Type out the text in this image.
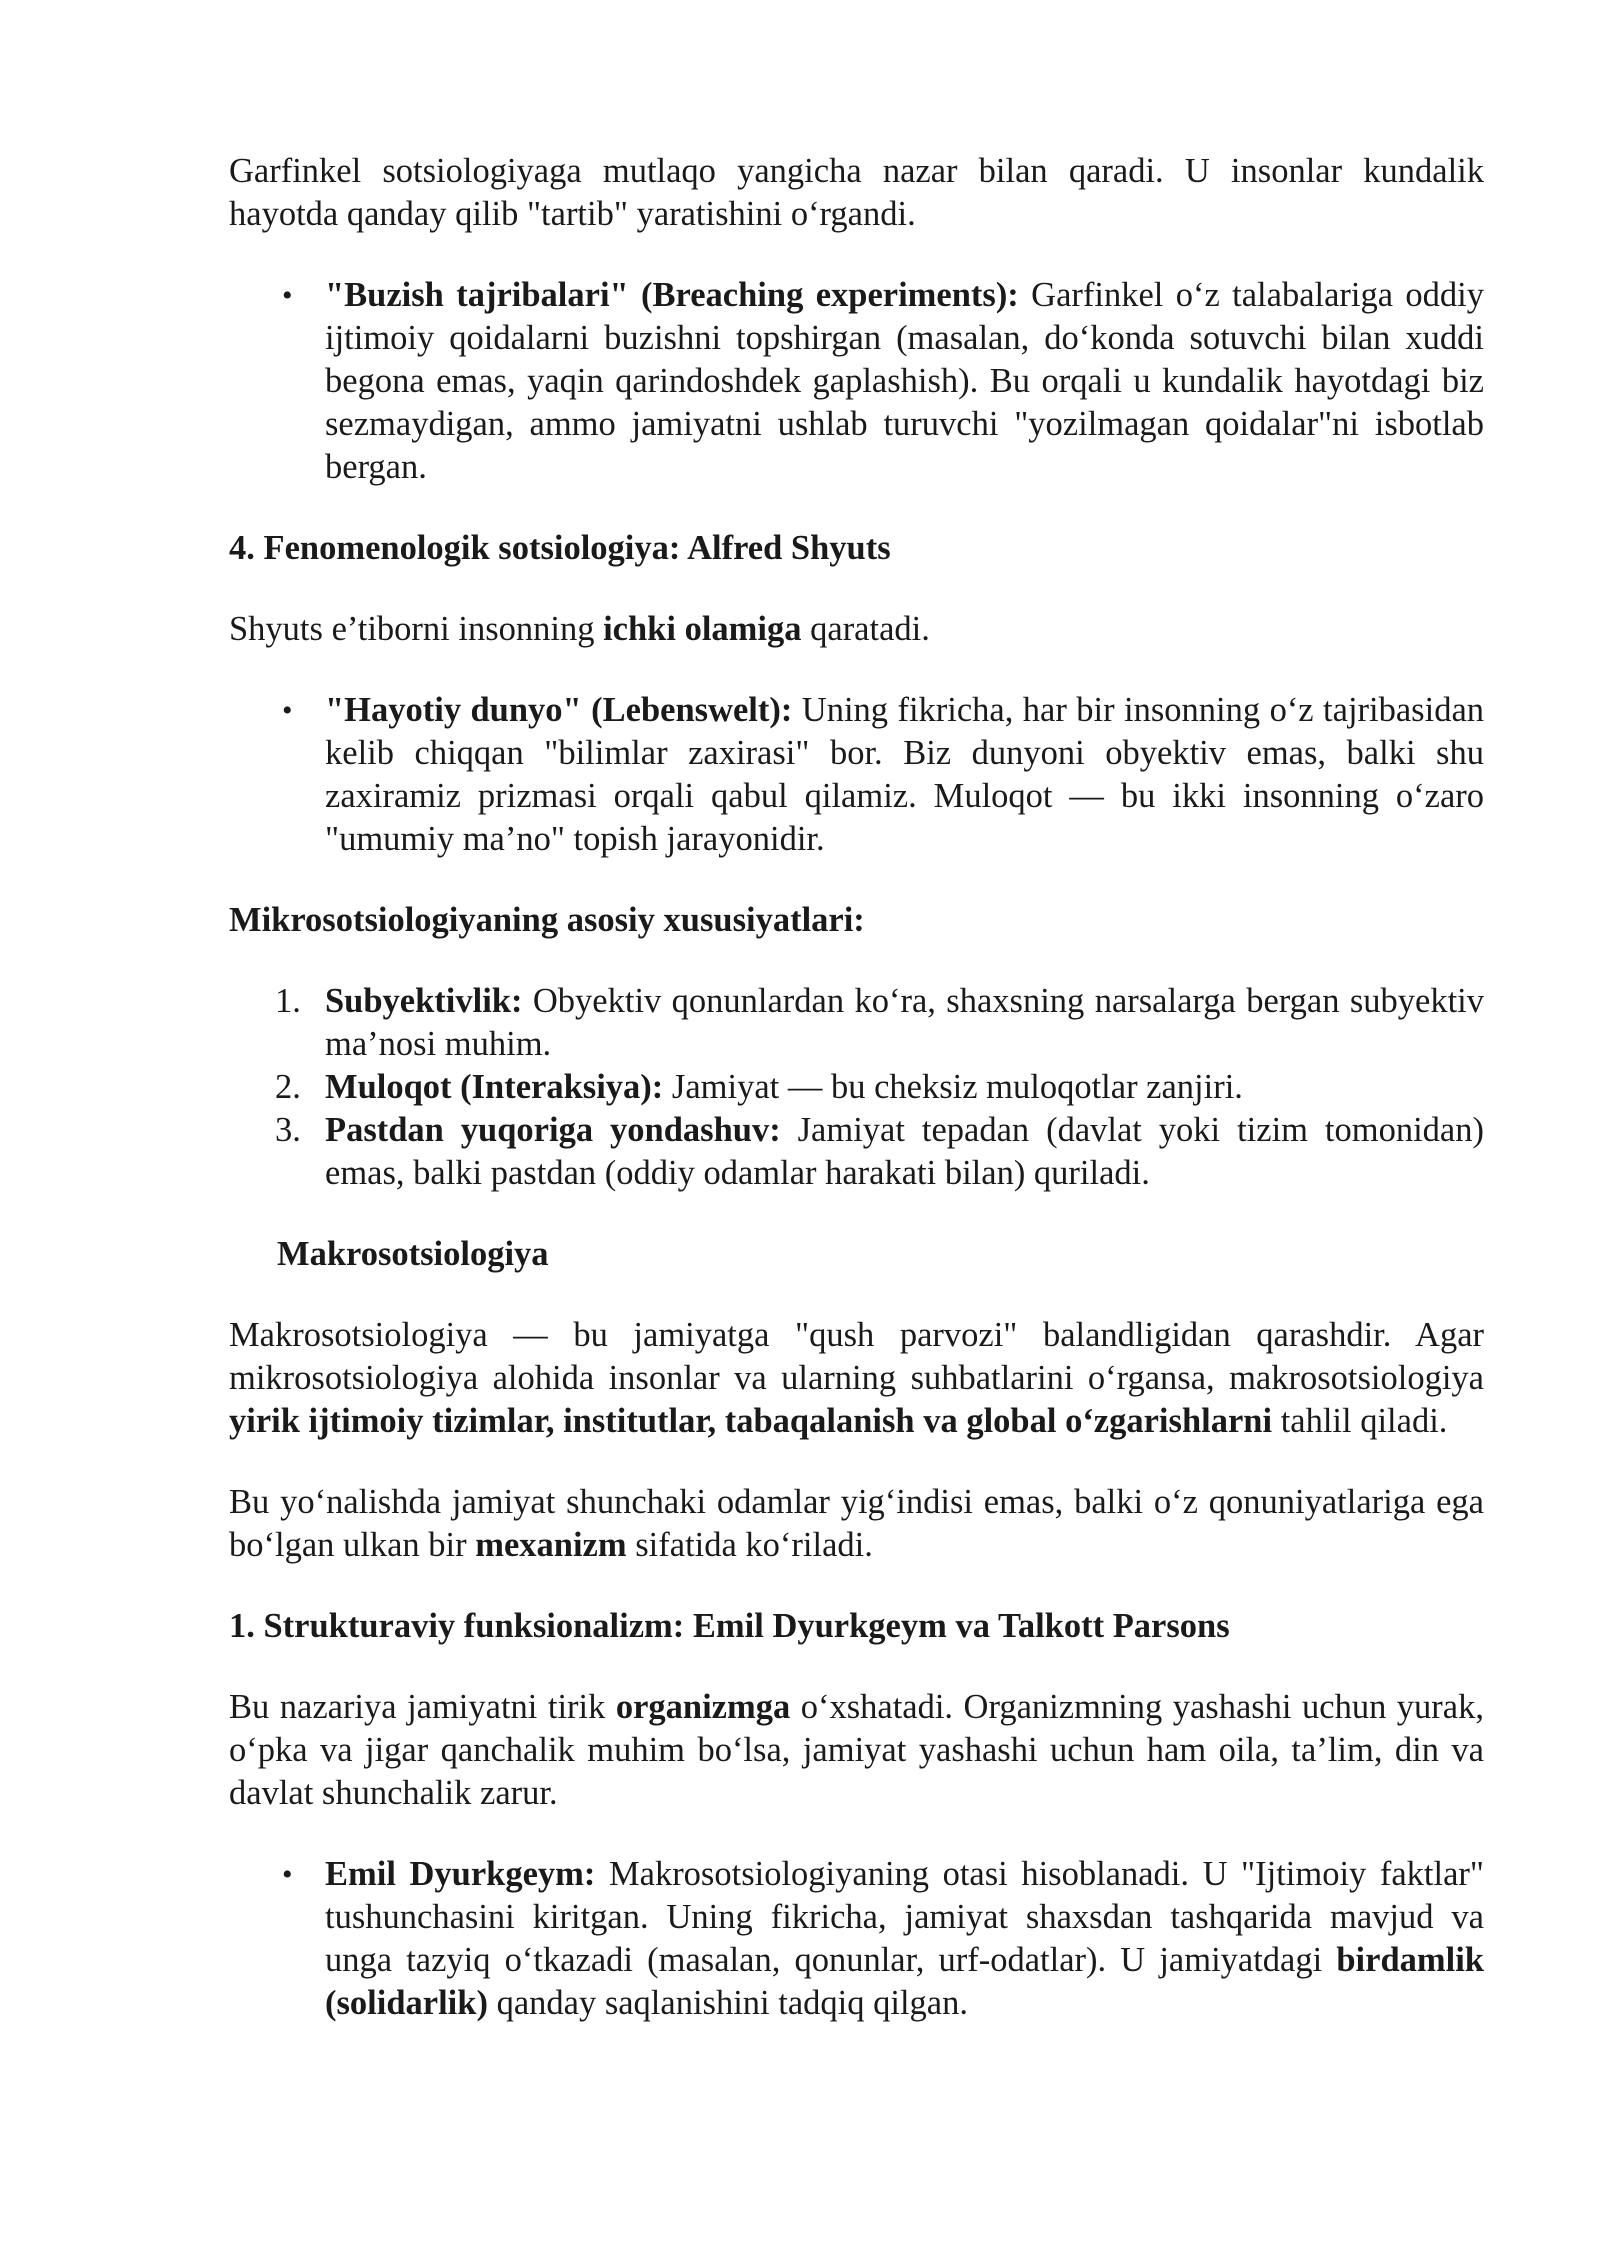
Garfinkel sotsiologiyaga mutlaqo yangicha nazar bilan qaradi. U insonlar kundalik hayotda qanday qilib "tartib" yaratishini o‘rgandi.

• "Buzish tajribalari" (Breaching experiments): Garfinkel o‘z talabalariga oddiy ijtimoiy qoidalarni buzishni topshirgan (masalan, do‘konda sotuvchi bilan xuddi begona emas, yaqin qarindoshdek gaplashish). Bu orqali u kundalik hayotdagi biz sezmaydigan, ammo jamiyatni ushlab turuvchi "yozilmagan qoidalar"ni isbotlab bergan.

4. Fenomenologik sotsiologiya: Alfred Shyuts

Shyuts e’tiborni insonning ichki olamiga qaratadi.

• "Hayotiy dunyo" (Lebenswelt): Uning fikricha, har bir insonning o‘z tajribasidan kelib chiqqan "bilimlar zaxirasi" bor. Biz dunyoni obyektiv emas, balki shu zaxiramiz prizmasi orqali qabul qilamiz. Muloqot — bu ikki insonning o‘zaro "umumiy ma’no" topish jarayonidir.

Mikrosotsiologiyaning asosiy xususiyatlari:

1. Subyektivlik: Obyektiv qonunlardan ko‘ra, shaxsning narsalarga bergan subyektiv ma’nosi muhim.
2. Muloqot (Interaksiya): Jamiyat — bu cheksiz muloqotlar zanjiri.
3. Pastdan yuqoriga yondashuv: Jamiyat tepadan (davlat yoki tizim tomonidan) emas, balki pastdan (oddiy odamlar harakati bilan) quriladi.

Makrosotsiologiya

Makrosotsiologiya — bu jamiyatga "qush parvozi" balandligidan qarashdir. Agar mikrosotsiologiya alohida insonlar va ularning suhbatlarini o‘rgansa, makrosotsiologiya yirik ijtimoiy tizimlar, institutlar, tabaqalanish va global o‘zgarishlarni tahlil qiladi.

Bu yo‘nalishda jamiyat shunchaki odamlar yig‘indisi emas, balki o‘z qonuniyatlariga ega bo‘lgan ulkan bir mexanizm sifatida ko‘riladi.

1. Strukturaviy funksionalizm: Emil Dyurkgeym va Talkott Parsons

Bu nazariya jamiyatni tirik organizmga o‘xshatadi. Organizmning yashashi uchun yurak, o‘pka va jigar qanchalik muhim bo‘lsa, jamiyat yashashi uchun ham oila, ta’lim, din va davlat shunchalik zarur.

• Emil Dyurkgeym: Makrosotsiologiyaning otasi hisoblanadi. U "Ijtimoiy faktlar" tushunchasini kiritgan. Uning fikricha, jamiyat shaxsdan tashqarida mavjud va unga tazyiq o‘tkazadi (masalan, qonunlar, urf-odatlar). U jamiyatdagi birdamlik (solidarlik) qanday saqlanishini tadqiq qilgan.
